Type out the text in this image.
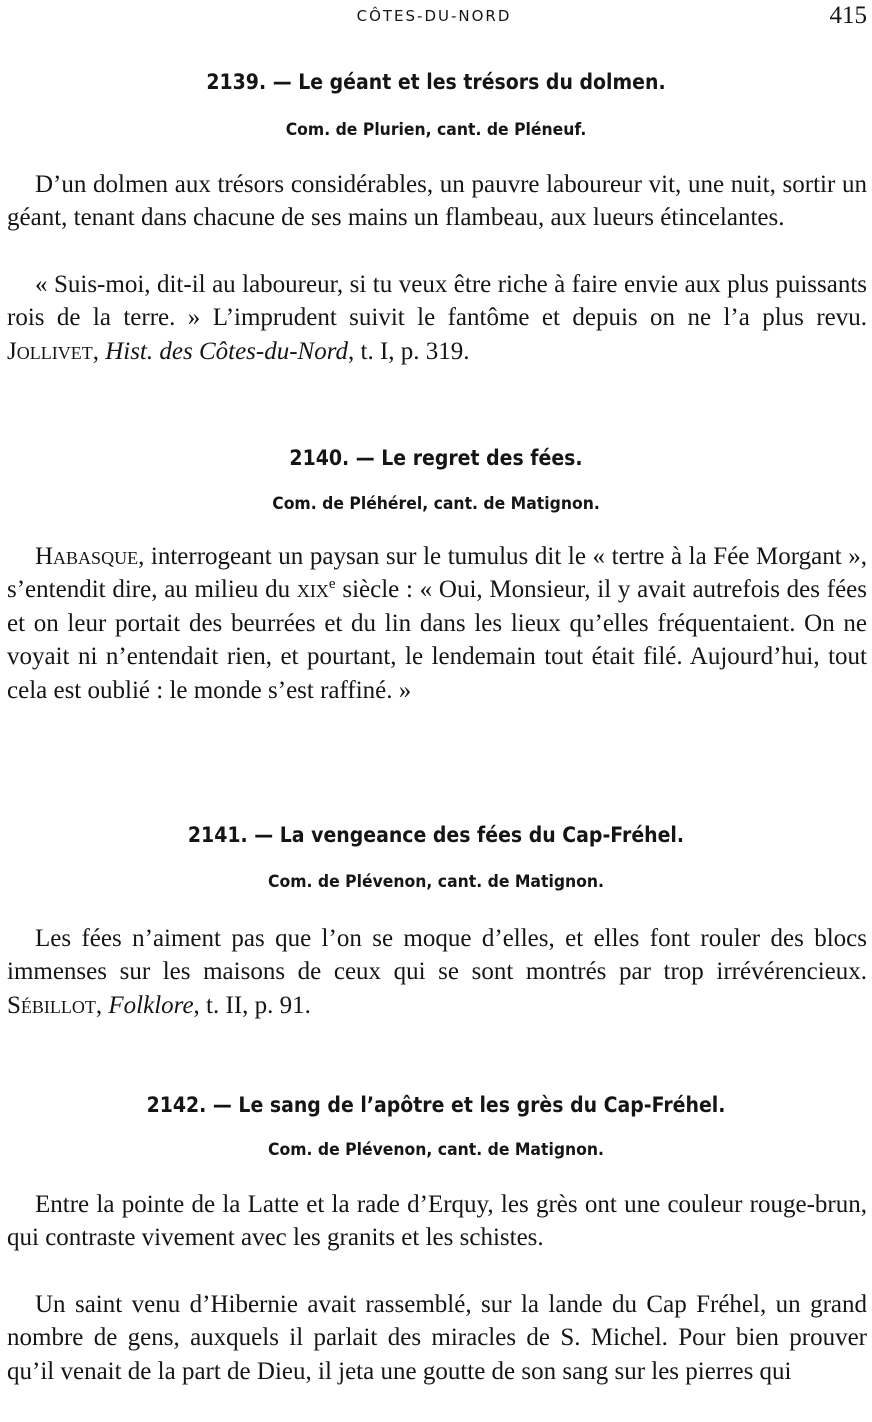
CÔTES-DU-NORD	415
2139. — Le géant et les trésors du dolmen.
Com. de Plurien, cant. de Pléneuf.

D’un dolmen aux trésors considérables, un pauvre laboureur vit, une nuit, sortir un géant, tenant dans chacune de ses mains un flambeau, aux lueurs étincelantes.

« Suis-moi, dit-il au laboureur, si tu veux être riche à faire envie aux plus puissants rois de la terre. » L’imprudent suivit le fantôme et depuis on ne l’a plus revu. Jollivet, Hist. des Côtes-du-Nord, t. I, p. 319.

2140. — Le regret des fées.
Com. de Pléhérel, cant. de Matignon.

Habasque, interrogeant un paysan sur le tumulus dit le « tertre à la Fée Morgant », s’entendit dire, au milieu du xix$^e$ siècle : « Oui, Monsieur, il y avait autrefois des fées et on leur portait des beurrées et du lin dans les lieux qu’elles fréquentaient. On ne voyait ni n’entendait rien, et pourtant, le lendemain tout était filé. Aujourd’hui, tout cela est oublié : le monde s’est raffiné. »

2141. — La vengeance des fées du Cap-Fréhel.
Com. de Plévenon, cant. de Matignon.

Les fées n’aiment pas que l’on se moque d’elles, et elles font rouler des blocs immenses sur les maisons de ceux qui se sont montrés par trop irrévérencieux. Sébillot, Folklore, t. II, p. 91.

2142. — Le sang de l’apôtre et les grès du Cap-Fréhel.
Com. de Plévenon, cant. de Matignon.

Entre la pointe de la Latte et la rade d’Erquy, les grès ont une couleur rouge-brun, qui contraste vivement avec les granits et les schistes.

Un saint venu d’Hibernie avait rassemblé, sur la lande du Cap Fréhel, un grand nombre de gens, auxquels il parlait des miracles de S. Michel. Pour bien prouver qu’il venait de la part de Dieu, il jeta une goutte de son sang sur les pierres qui
